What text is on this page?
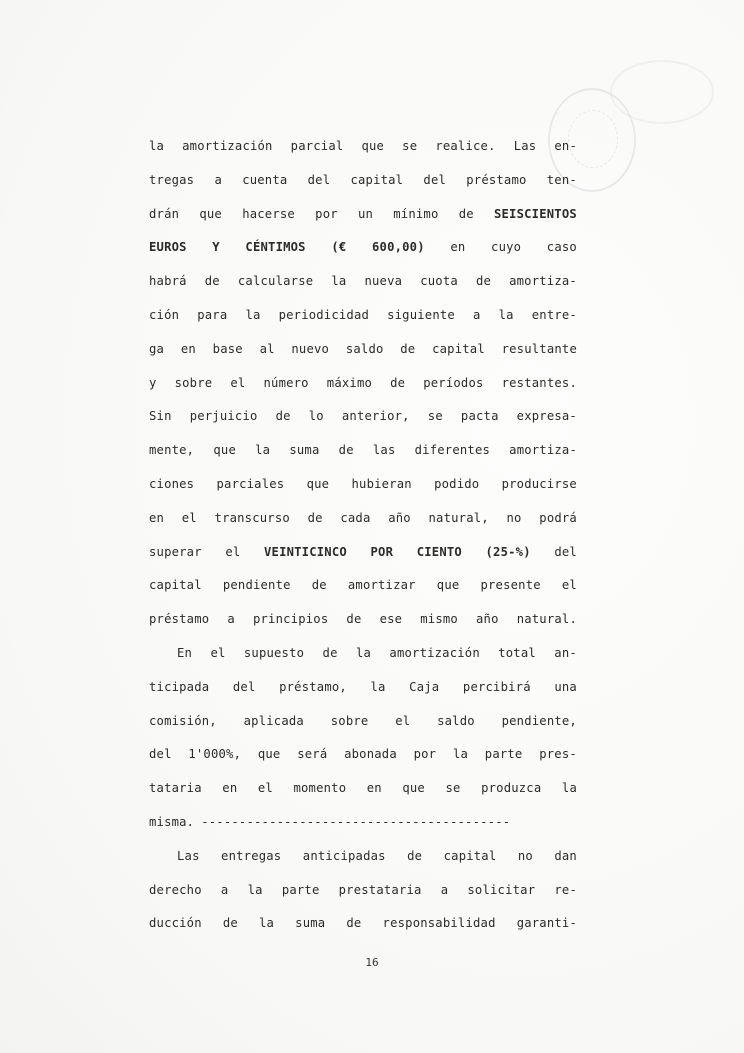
la amortización parcial que se realice. Las en-
tregas a cuenta del capital del préstamo ten-
drán que hacerse por un mínimo de SEISCIENTOS
EUROS Y CÉNTIMOS (€ 600,00) en cuyo caso
habrá de calcularse la nueva cuota de amortiza-
ción para la periodicidad siguiente a la entre-
ga en base al nuevo saldo de capital resultante
y sobre el número máximo de períodos restantes.
Sin perjuicio de lo anterior, se pacta expresa-
mente, que la suma de las diferentes amortiza-
ciones parciales que hubieran podido producirse
en el transcurso de cada año natural, no podrá
superar el VEINTICINCO POR CIENTO (25-%) del
capital pendiente de amortizar que presente el
préstamo a principios de ese mismo año natural.
En el supuesto de la amortización total an-
ticipada del préstamo, la Caja percibirá una
comisión, aplicada sobre el saldo pendiente,
del 1'000%, que será abonada por la parte pres-
tataria en el momento en que se produzca la
misma. -----------------------------------------
Las entregas anticipadas de capital no dan
derecho a la parte prestataria a solicitar re-
ducción de la suma de responsabilidad garanti-
16
